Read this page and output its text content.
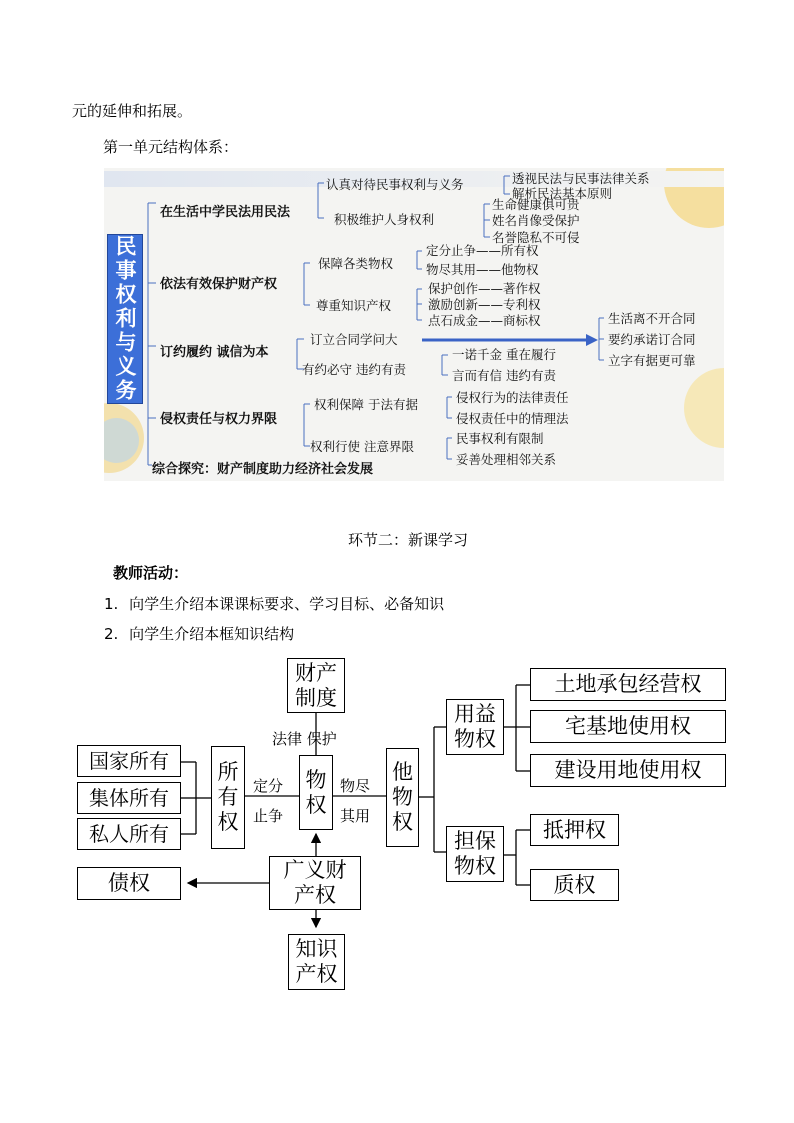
元的延伸和拓展。
第一单元结构体系：
民事权利与义务
在生活中学民法用民法
认真对待民事权利与义务	透视民法与民事法律关系
解析民法基本原则
积极维护人身权利
生命健康俱可贵
姓名肖像受保护
名誉隐私不可侵
依法有效保护财产权
保障各类物权
定分止争——所有权
物尽其用——他物权
尊重知识产权
保护创作——著作权
激励创新——专利权
点石成金——商标权
订约履约 诚信为本
订立合同学问大
生活离不开合同
要约承诺订合同
立字有据更可靠
有约必守 违约有责
一诺千金 重在履行
言而有信 违约有责
侵权责任与权力界限
权利保障 于法有据	侵权行为的法律责任
侵权责任中的情理法
权利行使 注意界限
民事权利有限制
妥善处理相邻关系
综合探究：财产制度助力经济社会发展
环节二：新课学习
教师活动：
1. 向学生介绍本课课标要求、学习目标、必备知识
2. 向学生介绍本框知识结构
财产制度
法律 保护
国家所有
集体所有
私人所有
所有权
定分止争
物权
物尽其用
他物权
用益物权
土地承包经营权
宅基地使用权
建设用地使用权
担保物权
抵押权
质权
广义财产权
债权
知识产权
